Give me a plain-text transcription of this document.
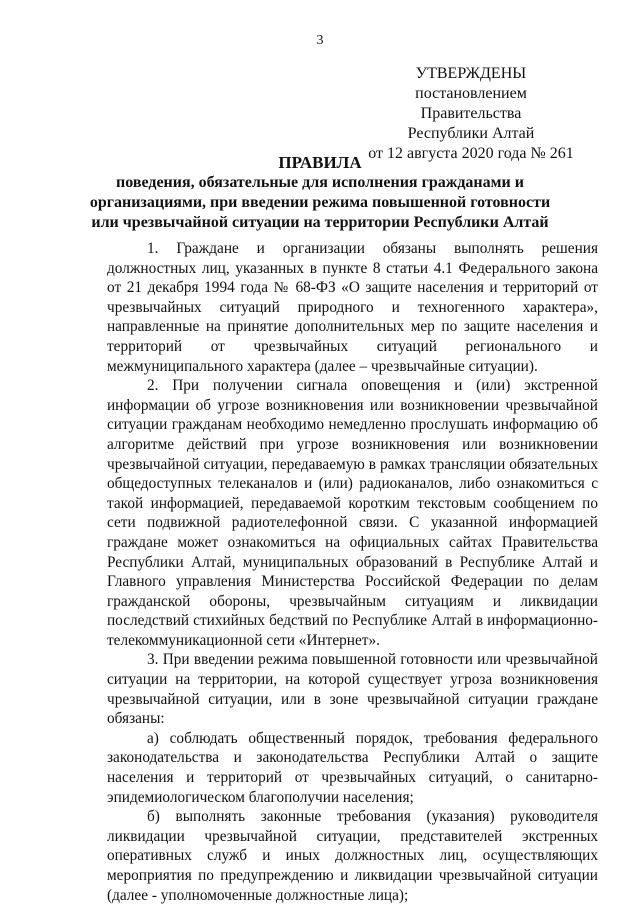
3
УТВЕРЖДЕНЫ
постановлением Правительства
Республики Алтай
от 12 августа 2020 года № 261
ПРАВИЛА
поведения, обязательные для исполнения гражданами и
организациями, при введении режима повышенной готовности
или чрезвычайной ситуации на территории Республики Алтай

1. Граждане и организации обязаны выполнять решения должностных лиц, указанных в пункте 8 статьи 4.1 Федерального закона от 21 декабря 1994 года № 68-ФЗ «О защите населения и территорий от чрезвычайных ситуаций природного и техногенного характера», направленные на принятие дополнительных мер по защите населения и территорий от чрезвычайных ситуаций регионального и межмуниципального характера (далее – чрезвычайные ситуации).

2. При получении сигнала оповещения и (или) экстренной информации об угрозе возникновения или возникновении чрезвычайной ситуации гражданам необходимо немедленно прослушать информацию об алгоритме действий при угрозе возникновения или возникновении чрезвычайной ситуации, передаваемую в рамках трансляции обязательных общедоступных телеканалов и (или) радиоканалов, либо ознакомиться с такой информацией, передаваемой коротким текстовым сообщением по сети подвижной радиотелефонной связи. С указанной информацией граждане может ознакомиться на официальных сайтах Правительства Республики Алтай, муниципальных образований в Республике Алтай и Главного управления Министерства Российской Федерации по делам гражданской обороны, чрезвычайным ситуациям и ликвидации последствий стихийных бедствий по Республике Алтай в информационно-телекоммуникационной сети «Интернет».

3. При введении режима повышенной готовности или чрезвычайной ситуации на территории, на которой существует угроза возникновения чрезвычайной ситуации, или в зоне чрезвычайной ситуации граждане обязаны:

а) соблюдать общественный порядок, требования федерального законодательства и законодательства Республики Алтай о защите населения и территорий от чрезвычайных ситуаций, о санитарно-эпидемиологическом благополучии населения;

б) выполнять законные требования (указания) руководителя ликвидации чрезвычайной ситуации, представителей экстренных оперативных служб и иных должностных лиц, осуществляющих мероприятия по предупреждению и ликвидации чрезвычайной ситуации (далее - уполномоченные должностные лица);
